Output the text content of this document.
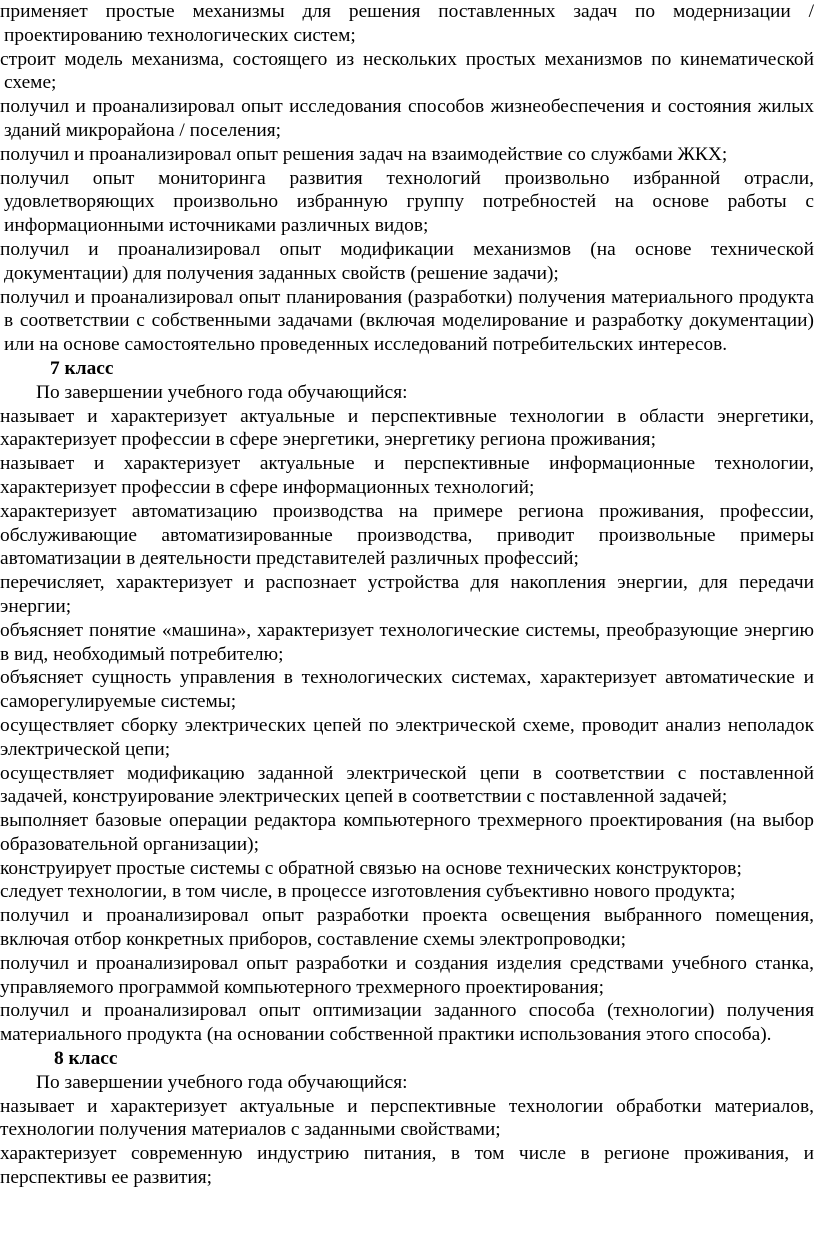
применяет простые механизмы для решения поставленных задач по модернизации / проектированию технологических систем;

строит модель механизма, состоящего из нескольких простых механизмов по кинематической схеме;

получил и проанализировал опыт исследования способов жизнеобеспечения и состояния жилых зданий микрорайона / поселения;

получил и проанализировал опыт решения задач на взаимодействие со службами ЖКХ;

получил опыт мониторинга развития технологий произвольно избранной отрасли, удовлетворяющих произвольно избранную группу потребностей на основе работы с информационными источниками различных видов;

получил и проанализировал опыт модификации механизмов (на основе технической документации) для получения заданных свойств (решение задачи);

получил и проанализировал опыт планирования (разработки) получения материального продукта в соответствии с собственными задачами (включая моделирование и разработку документации) или на основе самостоятельно проведенных исследований потребительских интересов.

7 класс

По завершении учебного года обучающийся:

называет и характеризует актуальные и перспективные технологии в области энергетики, характеризует профессии в сфере энергетики, энергетику региона проживания;

называет и характеризует актуальные и перспективные информационные технологии, характеризует профессии в сфере информационных технологий;

характеризует автоматизацию производства на примере региона проживания, профессии, обслуживающие автоматизированные производства, приводит произвольные примеры автоматизации в деятельности представителей различных профессий;

перечисляет, характеризует и распознает устройства для накопления энергии, для передачи энергии;

объясняет понятие «машина», характеризует технологические системы, преобразующие энергию в вид, необходимый потребителю;

объясняет сущность управления в технологических системах, характеризует автоматические и саморегулируемые системы;

осуществляет сборку электрических цепей по электрической схеме, проводит анализ неполадок электрической цепи;

осуществляет модификацию заданной электрической цепи в соответствии с поставленной задачей, конструирование электрических цепей в соответствии с поставленной задачей;

выполняет базовые операции редактора компьютерного трехмерного проектирования (на выбор образовательной организации);

конструирует простые системы с обратной связью на основе технических конструкторов;

следует технологии, в том числе, в процессе изготовления субъективно нового продукта;

получил и проанализировал опыт разработки проекта освещения выбранного помещения, включая отбор конкретных приборов, составление схемы электропроводки;

получил и проанализировал опыт разработки и создания изделия средствами учебного станка, управляемого программой компьютерного трехмерного проектирования;

получил и проанализировал опыт оптимизации заданного способа (технологии) получения материального продукта (на основании собственной практики использования этого способа).

8 класс

По завершении учебного года обучающийся:

называет и характеризует актуальные и перспективные технологии обработки материалов, технологии получения материалов с заданными свойствами;

характеризует современную индустрию питания, в том числе в регионе проживания, и перспективы ее развития;
